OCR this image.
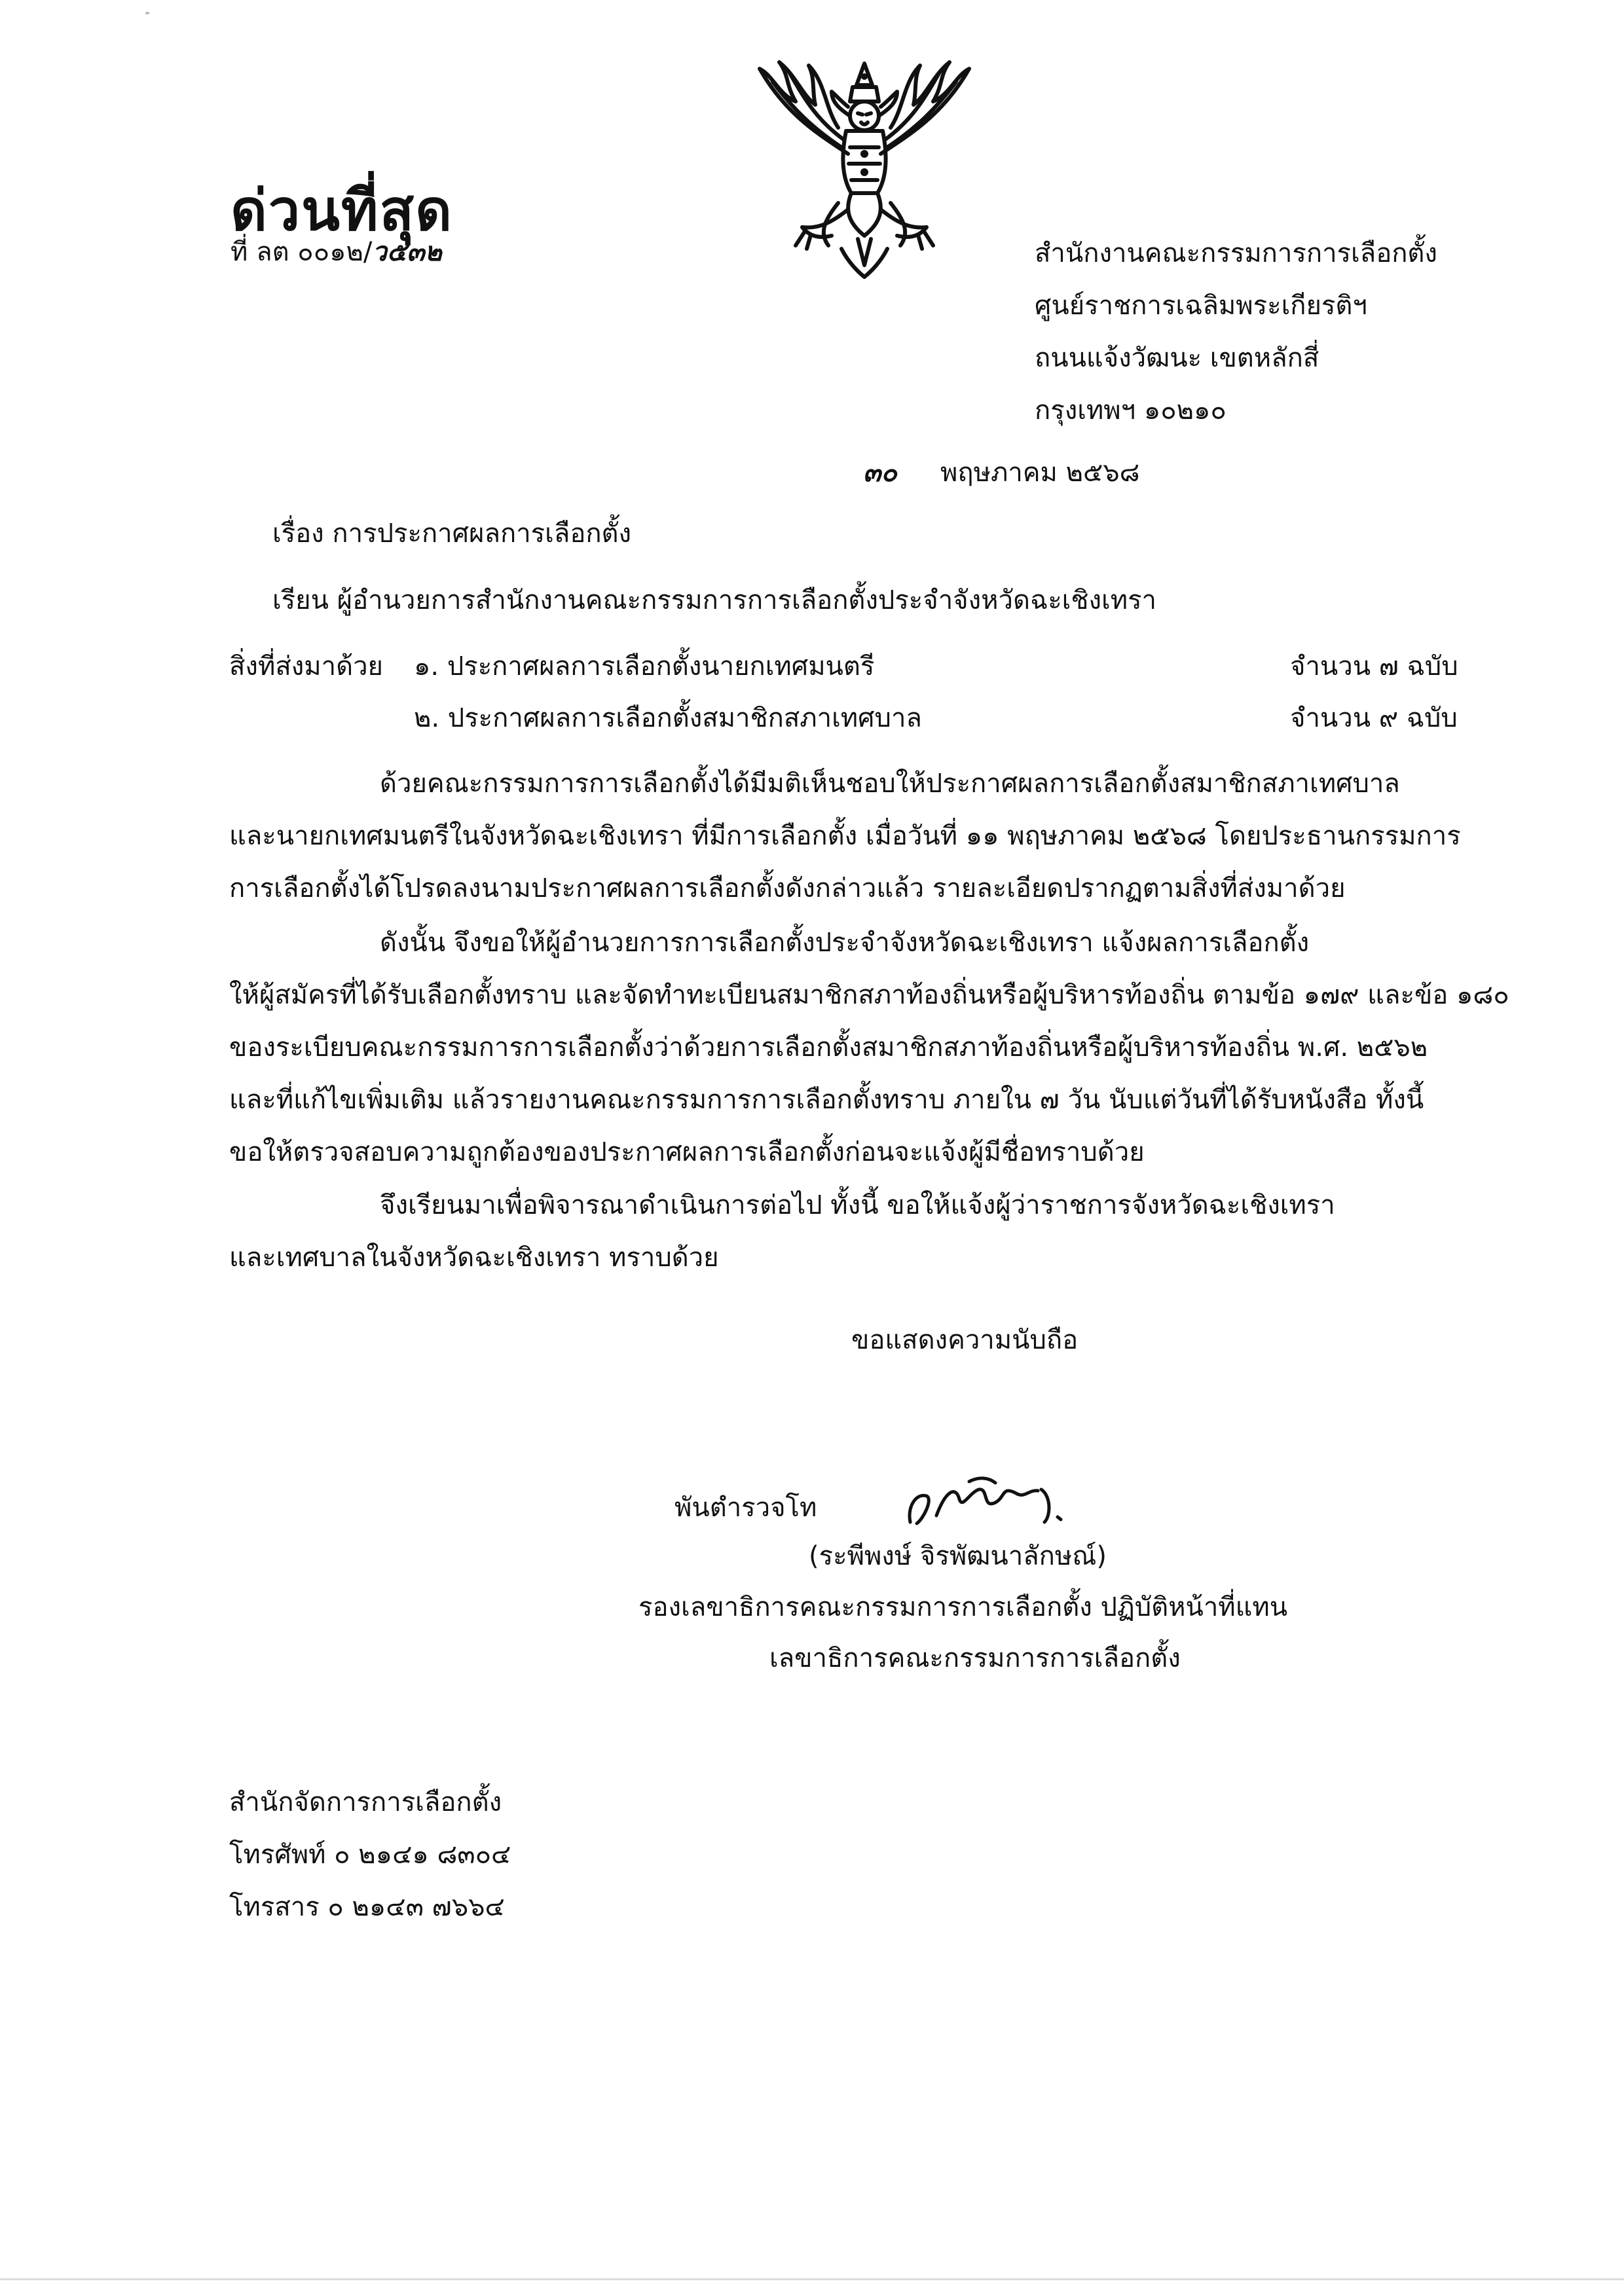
ด่วนที่สุด
ที่ ลต ๐๐๑๒/ว๕๓๒	สำนักงานคณะกรรมการการเลือกตั้ง
ศูนย์ราชการเฉลิมพระเกียรติฯ
ถนนแจ้งวัฒนะ เขตหลักสี่
กรุงเทพฯ ๑๐๒๑๐
๓๐ พฤษภาคม ๒๕๖๘
เรื่อง การประกาศผลการเลือกตั้ง
เรียน ผู้อำนวยการสำนักงานคณะกรรมการการเลือกตั้งประจำจังหวัดฉะเชิงเทรา
สิ่งที่ส่งมาด้วย ๑. ประกาศผลการเลือกตั้งนายกเทศมนตรี	จำนวน ๗ ฉบับ
๒. ประกาศผลการเลือกตั้งสมาชิกสภาเทศบาล	จำนวน ๙ ฉบับ
ด้วยคณะกรรมการการเลือกตั้งได้มีมติเห็นชอบให้ประกาศผลการเลือกตั้งสมาชิกสภาเทศบาล
และนายกเทศมนตรีในจังหวัดฉะเชิงเทรา ที่มีการเลือกตั้ง เมื่อวันที่ ๑๑ พฤษภาคม ๒๕๖๘ โดยประธานกรรมการ
การเลือกตั้งได้โปรดลงนามประกาศผลการเลือกตั้งดังกล่าวแล้ว รายละเอียดปรากฏตามสิ่งที่ส่งมาด้วย
ดังนั้น จึงขอให้ผู้อำนวยการการเลือกตั้งประจำจังหวัดฉะเชิงเทรา แจ้งผลการเลือกตั้ง
ให้ผู้สมัครที่ได้รับเลือกตั้งทราบ และจัดทำทะเบียนสมาชิกสภาท้องถิ่นหรือผู้บริหารท้องถิ่น ตามข้อ ๑๗๙ และข้อ ๑๘๐
ของระเบียบคณะกรรมการการเลือกตั้งว่าด้วยการเลือกตั้งสมาชิกสภาท้องถิ่นหรือผู้บริหารท้องถิ่น พ.ศ. ๒๕๖๒
และที่แก้ไขเพิ่มเติม แล้วรายงานคณะกรรมการการเลือกตั้งทราบ ภายใน ๗ วัน นับแต่วันที่ได้รับหนังสือ ทั้งนี้
ขอให้ตรวจสอบความถูกต้องของประกาศผลการเลือกตั้งก่อนจะแจ้งผู้มีชื่อทราบด้วย
จึงเรียนมาเพื่อพิจารณาดำเนินการต่อไป ทั้งนี้ ขอให้แจ้งผู้ว่าราชการจังหวัดฉะเชิงเทรา
และเทศบาลในจังหวัดฉะเชิงเทรา ทราบด้วย
ขอแสดงความนับถือ
พันตำรวจโท
(ระพีพงษ์ จิรพัฒนาลักษณ์)
รองเลขาธิการคณะกรรมการการเลือกตั้ง ปฏิบัติหน้าที่แทน
เลขาธิการคณะกรรมการการเลือกตั้ง
สำนักจัดการการเลือกตั้ง
โทรศัพท์ ๐ ๒๑๔๑ ๘๓๐๔
โทรสาร ๐ ๒๑๔๓ ๗๖๖๔
